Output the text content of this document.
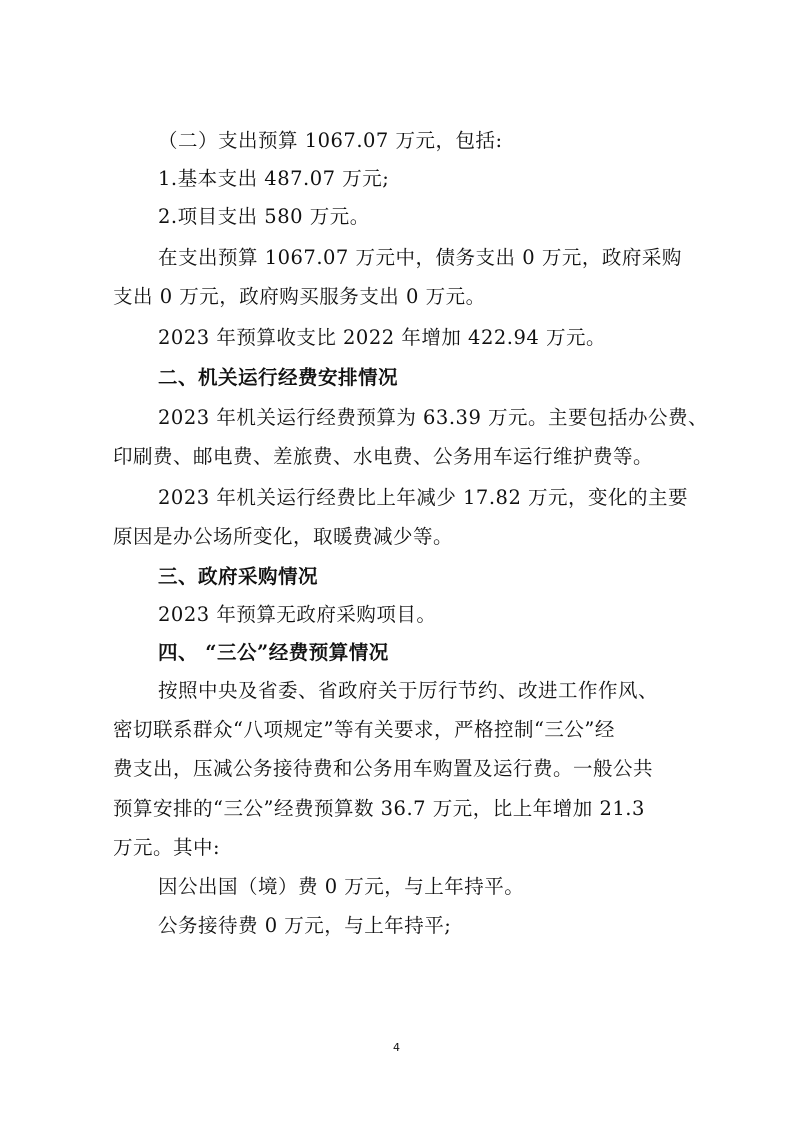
（二）支出预算 1067.07 万元，包括:
1.基本支出 487.07 万元;
2.项目支出 580 万元。
在支出预算 1067.07 万元中，债务支出 0 万元，政府采购
支出 0 万元，政府购买服务支出 0 万元。
2023 年预算收支比 2022 年增加 422.94 万元。
二、机关运行经费安排情况
2023 年机关运行经费预算为 63.39 万元。主要包括办公费、
印刷费、邮电费、差旅费、水电费、公务用车运行维护费等。
2023 年机关运行经费比上年减少 17.82 万元，变化的主要
原因是办公场所变化，取暖费减少等。
三、政府采购情况
2023 年预算无政府采购项目。
四、 “三公”经费预算情况
按照中央及省委、省政府关于厉行节约、改进工作作风、
密切联系群众“八项规定”等有关要求，严格控制“三公”经
费支出，压减公务接待费和公务用车购置及运行费。一般公共
预算安排的“三公”经费预算数 36.7 万元，比上年增加 21.3
万元。其中:
因公出国（境）费 0 万元，与上年持平。
公务接待费 0 万元，与上年持平;
4
